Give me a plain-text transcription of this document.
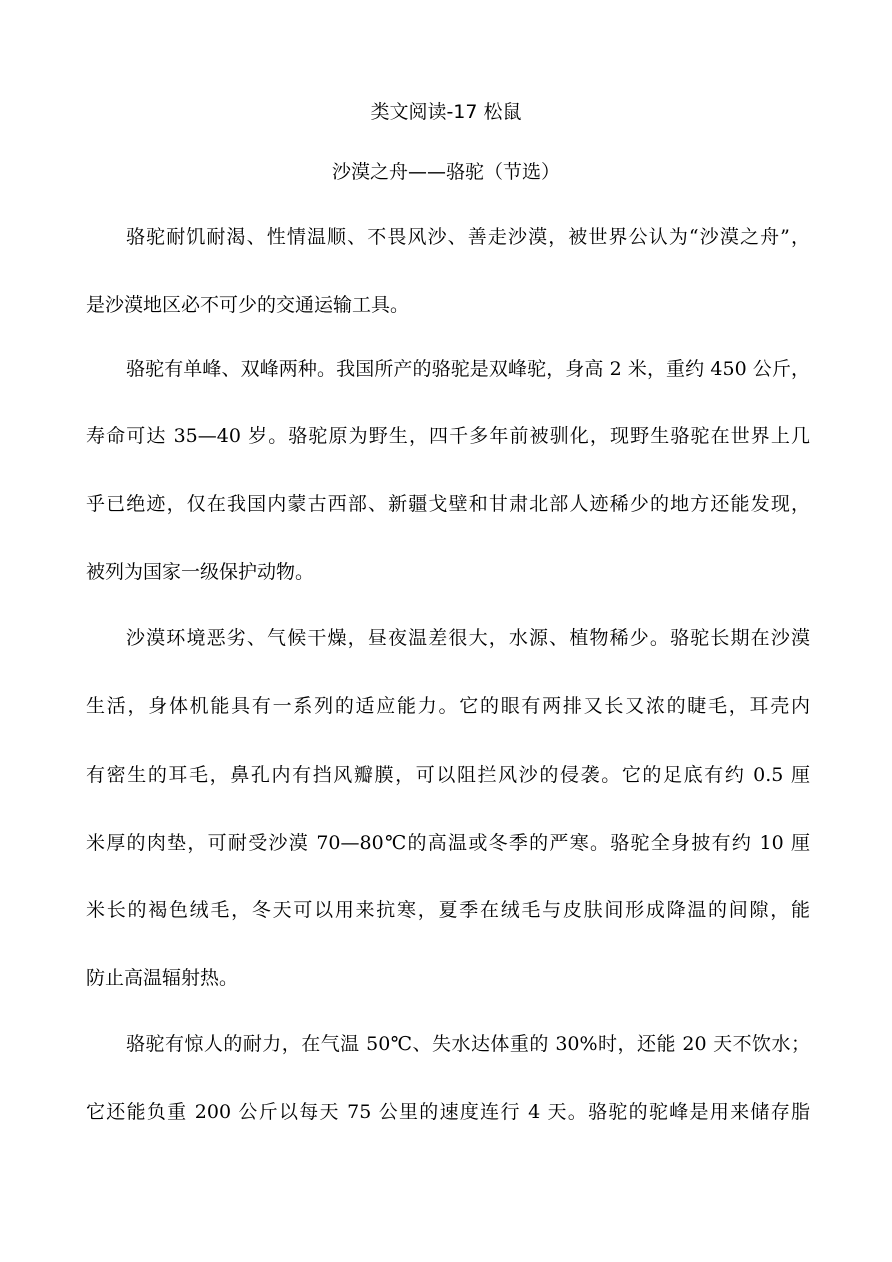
类文阅读-17 松鼠
沙漠之舟——骆驼（节选）
骆驼耐饥耐渴、性情温顺、不畏风沙、善走沙漠，被世界公认为“沙漠之舟”，
是沙漠地区必不可少的交通运输工具。
骆驼有单峰、双峰两种。我国所产的骆驼是双峰驼，身高 2 米，重约 450 公斤，
寿命可达 35—40 岁。骆驼原为野生，四千多年前被驯化，现野生骆驼在世界上几
乎已绝迹，仅在我国内蒙古西部、新疆戈壁和甘肃北部人迹稀少的地方还能发现，
被列为国家一级保护动物。
沙漠环境恶劣、气候干燥，昼夜温差很大，水源、植物稀少。骆驼长期在沙漠
生活，身体机能具有一系列的适应能力。它的眼有两排又长又浓的睫毛，耳壳内
有密生的耳毛，鼻孔内有挡风瓣膜，可以阻拦风沙的侵袭。它的足底有约 0.5 厘
米厚的肉垫，可耐受沙漠 70—80℃的高温或冬季的严寒。骆驼全身披有约 10 厘
米长的褐色绒毛，冬天可以用来抗寒，夏季在绒毛与皮肤间形成降温的间隙，能
防止高温辐射热。
骆驼有惊人的耐力，在气温 50℃、失水达体重的 30%时，还能 20 天不饮水；
它还能负重 200 公斤以每天 75 公里的速度连行 4 天。骆驼的驼峰是用来储存脂
